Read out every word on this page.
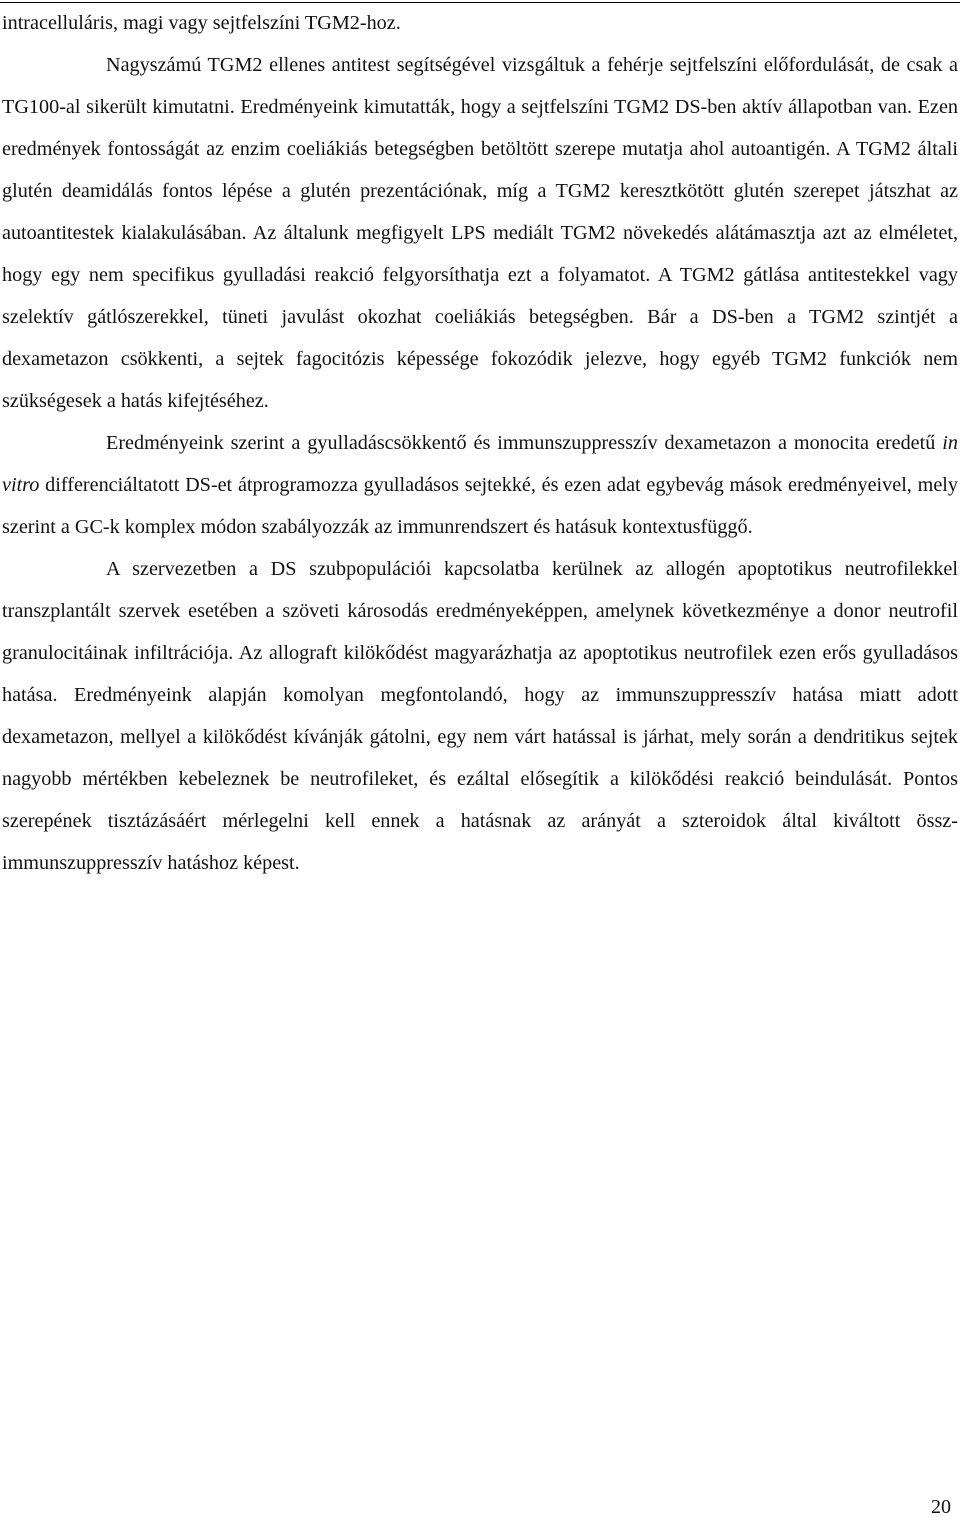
intracelluláris, magi vagy sejtfelszíni TGM2-hoz.

Nagyszámú TGM2 ellenes antitest segítségével vizsgáltuk a fehérje sejtfelszíni előfordulását, de csak a TG100-al sikerült kimutatni. Eredményeink kimutatták, hogy a sejtfelszíni TGM2 DS-ben aktív állapotban van. Ezen eredmények fontosságát az enzim coeliákiás betegségben betöltött szerepe mutatja ahol autoantigén. A TGM2 általi glutén deamidálás fontos lépése a glutén prezentációnak, míg a TGM2 keresztkötött glutén szerepet játszhat az autoantitestek kialakulásában. Az általunk megfigyelt LPS mediált TGM2 növekedés alátámasztja azt az elméletet, hogy egy nem specifikus gyulladási reakció felgyorsíthatja ezt a folyamatot. A TGM2 gátlása antitestekkel vagy szelektív gátlószerekkel, tüneti javulást okozhat coeliákiás betegségben. Bár a DS-ben a TGM2 szintjét a dexametazon csökkenti, a sejtek fagocitózis képessége fokozódik jelezve, hogy egyéb TGM2 funkciók nem szükségesek a hatás kifejtéséhez.

Eredményeink szerint a gyulladáscsökkentő és immunszuppresszív dexametazon a monocita eredetű in vitro differenciáltatott DS-et átprogramozza gyulladásos sejtekké, és ezen adat egybevág mások eredményeivel, mely szerint a GC-k komplex módon szabályozzák az immunrendszert és hatásuk kontextusfüggő.

A szervezetben a DS szubpopulációi kapcsolatba kerülnek az allogén apoptotikus neutrofilekkel transzplantált szervek esetében a szöveti károsodás eredményeképpen, amelynek következménye a donor neutrofil granulocitáinak infiltrációja. Az allograft kilökődést magyarázhatja az apoptotikus neutrofilek ezen erős gyulladásos hatása. Eredményeink alapján komolyan megfontolandó, hogy az immunszuppresszív hatása miatt adott dexametazon, mellyel a kilökődést kívánják gátolni, egy nem várt hatással is járhat, mely során a dendritikus sejtek nagyobb mértékben kebeleznek be neutrofileket, és ezáltal elősegítik a kilökődési reakció beindulását. Pontos szerepének tisztázásáért mérlegelni kell ennek a hatásnak az arányát a szteroidok által kiváltott össz-immunszuppresszív hatáshoz képest.

20
